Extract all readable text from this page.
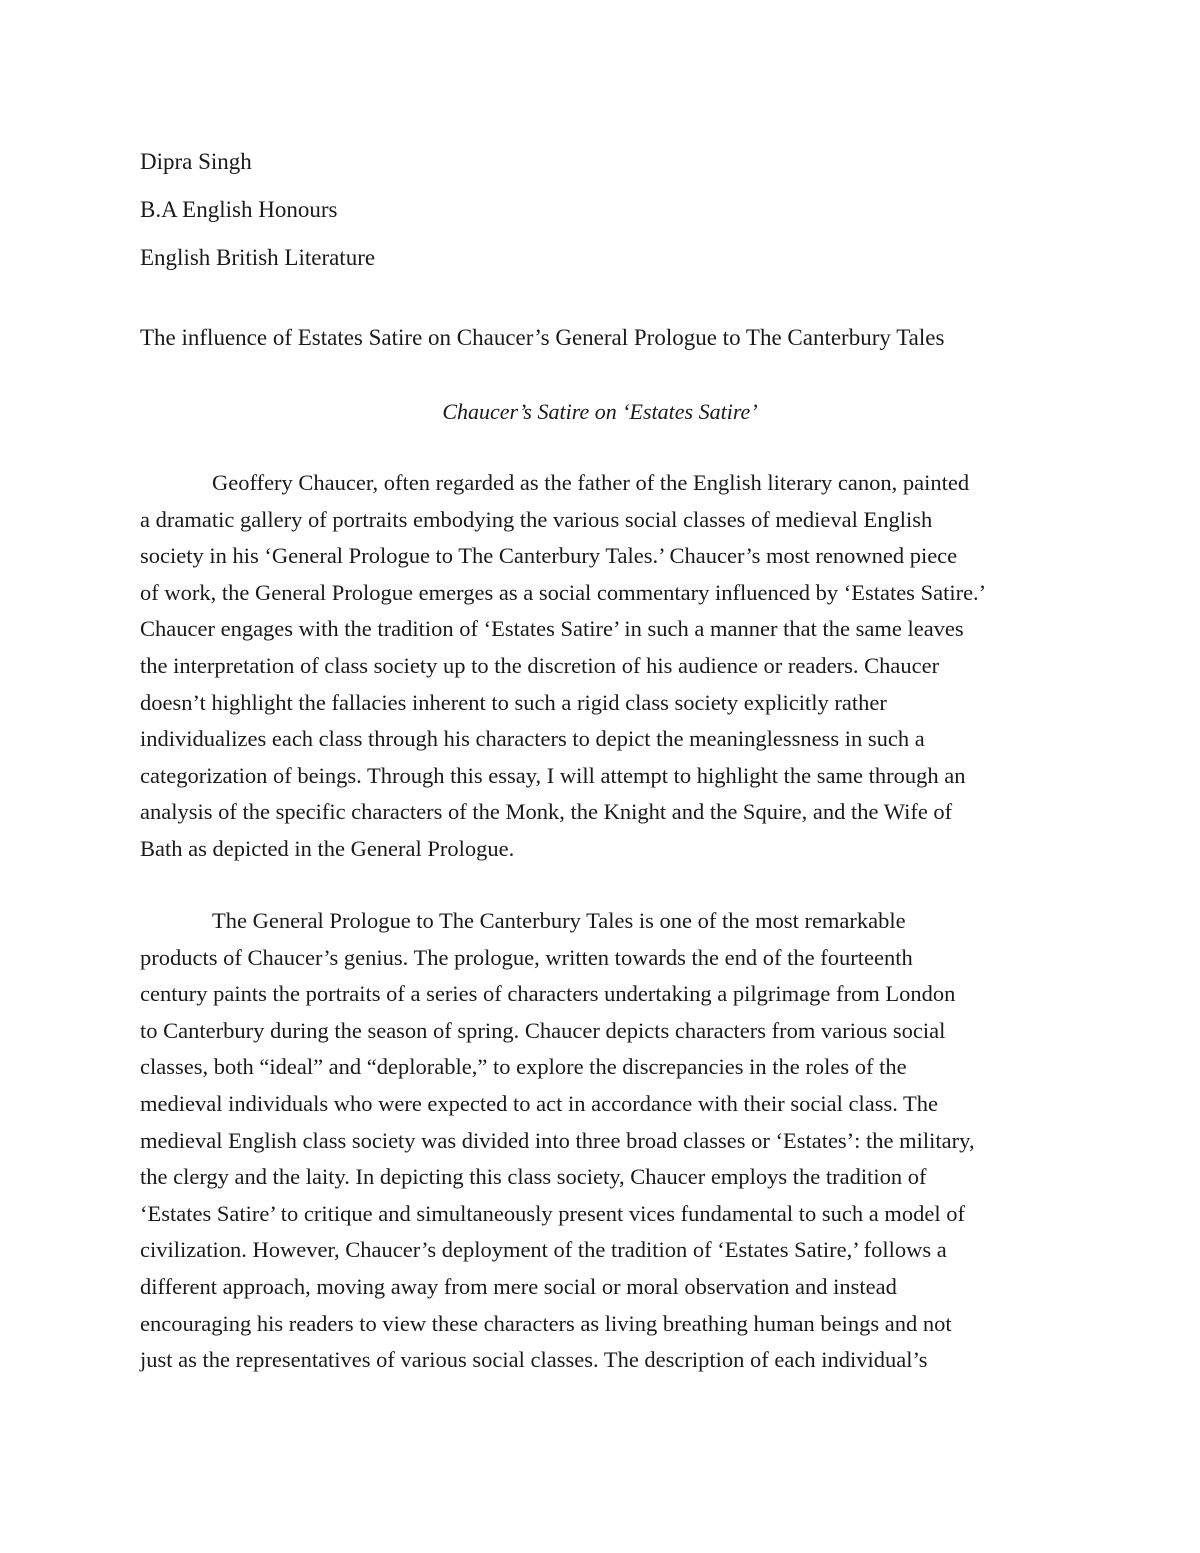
Dipra Singh
B.A English Honours
English British Literature
The influence of Estates Satire on Chaucer’s General Prologue to The Canterbury Tales
Chaucer’s Satire on ‘Estates Satire’
Geoffery Chaucer, often regarded as the father of the English literary canon, painted
a dramatic gallery of portraits embodying the various social classes of medieval English
society in his ‘General Prologue to The Canterbury Tales.’ Chaucer’s most renowned piece
of work, the General Prologue emerges as a social commentary influenced by ‘Estates Satire.’
Chaucer engages with the tradition of ‘Estates Satire’ in such a manner that the same leaves
the interpretation of class society up to the discretion of his audience or readers. Chaucer
doesn’t highlight the fallacies inherent to such a rigid class society explicitly rather
individualizes each class through his characters to depict the meaninglessness in such a
categorization of beings. Through this essay, I will attempt to highlight the same through an
analysis of the specific characters of the Monk, the Knight and the Squire, and the Wife of
Bath as depicted in the General Prologue.
The General Prologue to The Canterbury Tales is one of the most remarkable
products of Chaucer’s genius. The prologue, written towards the end of the fourteenth
century paints the portraits of a series of characters undertaking a pilgrimage from London
to Canterbury during the season of spring. Chaucer depicts characters from various social
classes, both “ideal” and “deplorable,” to explore the discrepancies in the roles of the
medieval individuals who were expected to act in accordance with their social class. The
medieval English class society was divided into three broad classes or ‘Estates’: the military,
the clergy and the laity. In depicting this class society, Chaucer employs the tradition of
‘Estates Satire’ to critique and simultaneously present vices fundamental to such a model of
civilization. However, Chaucer’s deployment of the tradition of ‘Estates Satire,’ follows a
different approach, moving away from mere social or moral observation and instead
encouraging his readers to view these characters as living breathing human beings and not
just as the representatives of various social classes. The description of each individual’s
